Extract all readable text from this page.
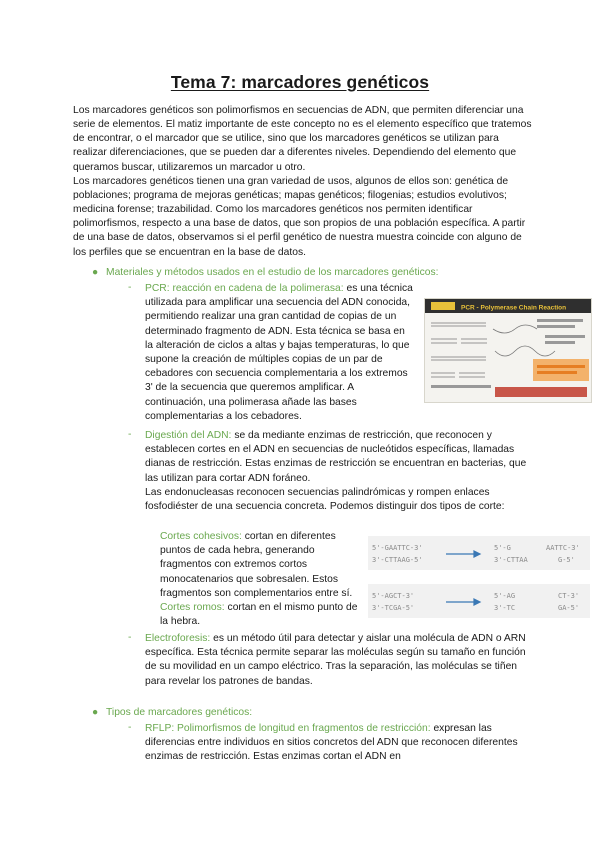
Tema 7: marcadores genéticos

Los marcadores genéticos son polimorfismos en secuencias de ADN, que permiten diferenciar una serie de elementos. El matiz importante de este concepto no es el elemento específico que tratemos de encontrar, o el marcador que se utilice, sino que los marcadores genéticos se utilizan para realizar diferenciaciones, que se pueden dar a diferentes niveles. Dependiendo del elemento que queramos buscar, utilizaremos un marcador u otro.

Los marcadores genéticos tienen una gran variedad de usos, algunos de ellos son: genética de poblaciones; programa de mejoras genéticas; mapas genéticos; filogenias; estudios evolutivos; medicina forense; trazabilidad. Como los marcadores genéticos nos permiten identificar polimorfismos, respecto a una base de datos, que son propios de una población específica. A partir de una base de datos, observamos si el perfil genético de nuestra muestra coincide con alguno de los perfiles que se encuentran en la base de datos.

● Materiales y métodos usados en el estudio de los marcadores genéticos:
- PCR: reacción en cadena de la polimerasa: es una técnica utilizada para amplificar una secuencia del ADN conocida, permitiendo realizar una gran cantidad de copias de un determinado fragmento de ADN. Esta técnica se basa en la alteración de ciclos a altas y bajas temperaturas, lo que supone la creación de múltiples copias de un par de cebadores con secuencia complementaria a los extremos 3' de la secuencia que queremos amplificar. A continuación, una polimerasa añade las bases complementarias a los cebadores.

PCR - Polymerase Chain Reaction
- Digestión del ADN: se da mediante enzimas de restricción, que reconocen y establecen cortes en el ADN en secuencias de nucleótidos específicas, llamadas dianas de restricción. Estas enzimas de restricción se encuentran en bacterias, que las utilizan para cortar ADN foráneo.

Las endonucleasas reconocen secuencias palindrómicas y rompen enlaces fosfodiéster de una secuencia concreta. Podemos distinguir dos tipos de corte:

Cortes cohesivos: cortan en diferentes puntos de cada hebra, generando fragmentos con extremos cortos monocatenarios que sobresalen. Estos fragmentos son complementarios entre sí.

Cortes romos: cortan en el mismo punto de la hebra.

5'-GAATTC-3'
3'-CTTAAG-5'
5'-G
3'-CTTAA
AATTC-3'
G-5'
5'-AGCT-3'
3'-TCGA-5'
5'-AG
3'-TC
CT-3'
GA-5'
- Electroforesis: es un método útil para detectar y aislar una molécula de ADN o ARN específica. Esta técnica permite separar las moléculas según su tamaño en función de su movilidad en un campo eléctrico. Tras la separación, las moléculas se tiñen para revelar los patrones de bandas.

● Tipos de marcadores genéticos:
- RFLP: Polimorfismos de longitud en fragmentos de restricción: expresan las diferencias entre individuos en sitios concretos del ADN que reconocen diferentes enzimas de restricción. Estas enzimas cortan el ADN en
